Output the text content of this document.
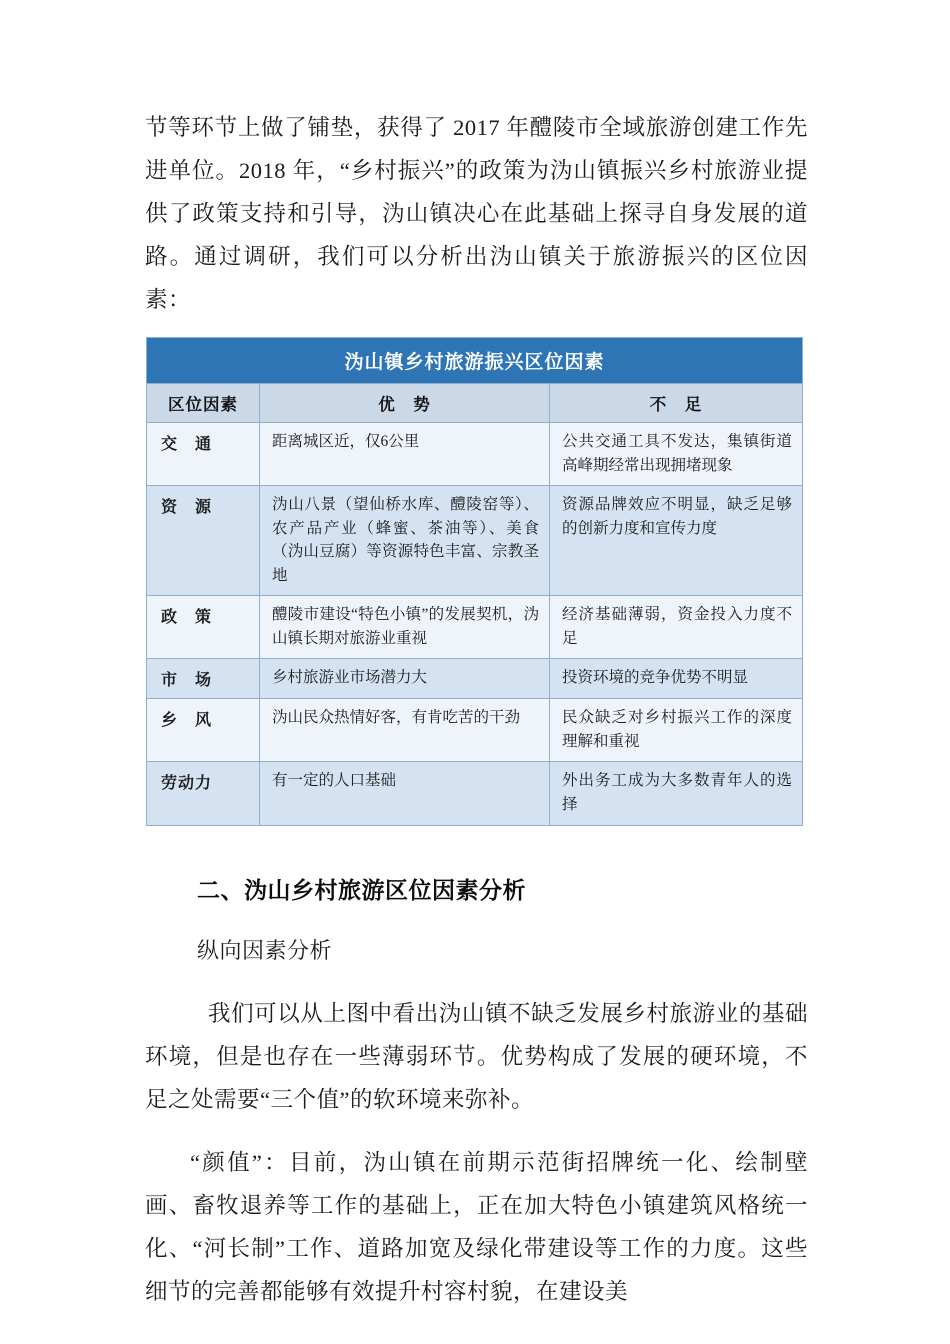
节等环节上做了铺垫，获得了 2017 年醴陵市全域旅游创建工作先进单位。2018 年，“乡村振兴”的政策为沩山镇振兴乡村旅游业提供了政策支持和引导，沩山镇决心在此基础上探寻自身发展的道路。通过调研，我们可以分析出沩山镇关于旅游振兴的区位因素：

沩山镇乡村旅游振兴区位因素		
区位因素	优　势	不　足
交　通	距离城区近，仅6公里	公共交通工具不发达，集镇街道高峰期经常出现拥堵现象
资　源	沩山八景（望仙桥水库、醴陵窑等）、农产品产业（蜂蜜、茶油等）、美食（沩山豆腐）等资源特色丰富、宗教圣地	资源品牌效应不明显，缺乏足够的创新力度和宣传力度
政　策	醴陵市建设“特色小镇”的发展契机，沩山镇长期对旅游业重视	经济基础薄弱，资金投入力度不足
市　场	乡村旅游业市场潜力大	投资环境的竞争优势不明显
乡　风	沩山民众热情好客，有肯吃苦的干劲	民众缺乏对乡村振兴工作的深度理解和重视
劳动力	有一定的人口基础	外出务工成为大多数青年人的选择
二、沩山乡村旅游区位因素分析

纵向因素分析

我们可以从上图中看出沩山镇不缺乏发展乡村旅游业的基础环境，但是也存在一些薄弱环节。优势构成了发展的硬环境，不足之处需要“三个值”的软环境来弥补。

“颜值”：目前，沩山镇在前期示范街招牌统一化、绘制壁画、畜牧退养等工作的基础上，正在加大特色小镇建筑风格统一化、“河长制”工作、道路加宽及绿化带建设等工作的力度。这些细节的完善都能够有效提升村容村貌，在建设美
